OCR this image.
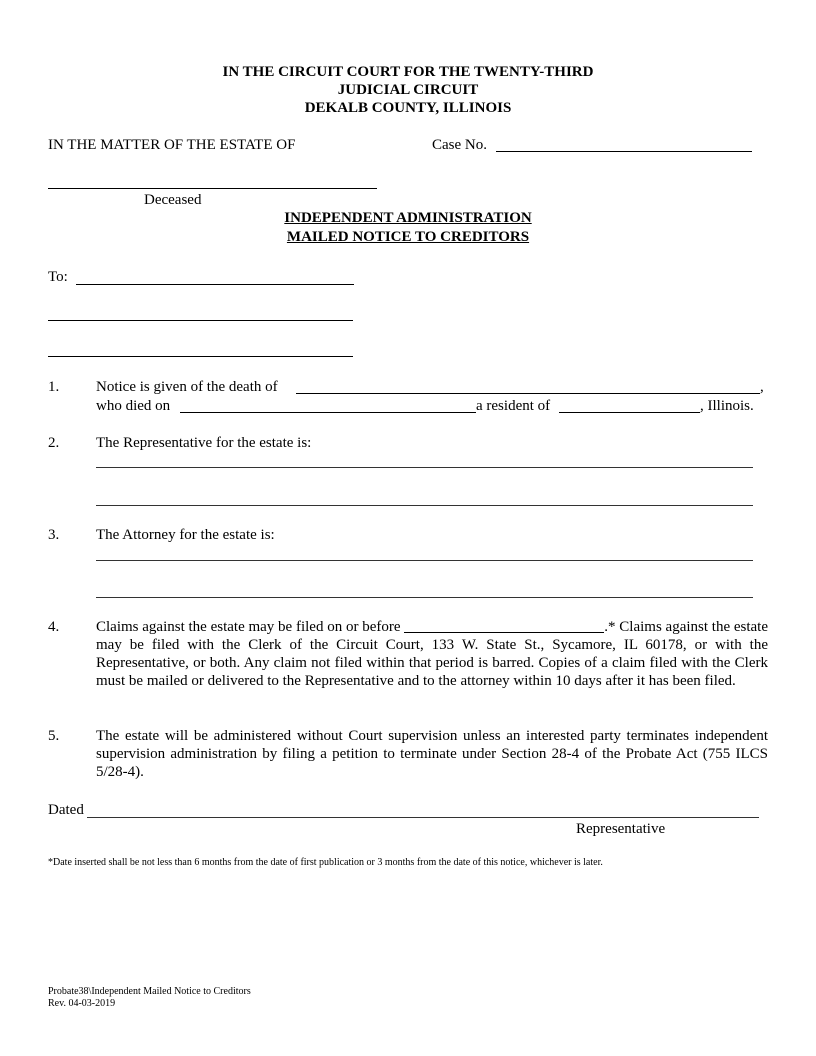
IN THE CIRCUIT COURT FOR THE TWENTY-THIRD
JUDICIAL CIRCUIT
DEKALB COUNTY, ILLINOIS
IN THE MATTER OF THE ESTATE OF	Case No.
Deceased
INDEPENDENT ADMINISTRATION
MAILED NOTICE TO CREDITORS
To:
1. Notice is given of the death of	,
who died on	a resident of	, Illinois.
2. The Representative for the estate is:
3. The Attorney for the estate is:
4. Claims against the estate may be filed on or before	.* Claims against the estate may be filed with the Clerk of the Circuit Court, 133 W. State St., Sycamore, IL 60178, or with the Representative, or both. Any claim not filed within that period is barred. Copies of a claim filed with the Clerk must be mailed or delivered to the Representative and to the attorney within 10 days after it has been filed.
5. The estate will be administered without Court supervision unless an interested party terminates independent supervision administration by filing a petition to terminate under Section 28-4 of the Probate Act (755 ILCS 5/28-4).
Dated
Representative
*Date inserted shall be not less than 6 months from the date of first publication or 3 months from the date of this notice, whichever is later.
Probate38\Independent Mailed Notice to Creditors
Rev. 04-03-2019
